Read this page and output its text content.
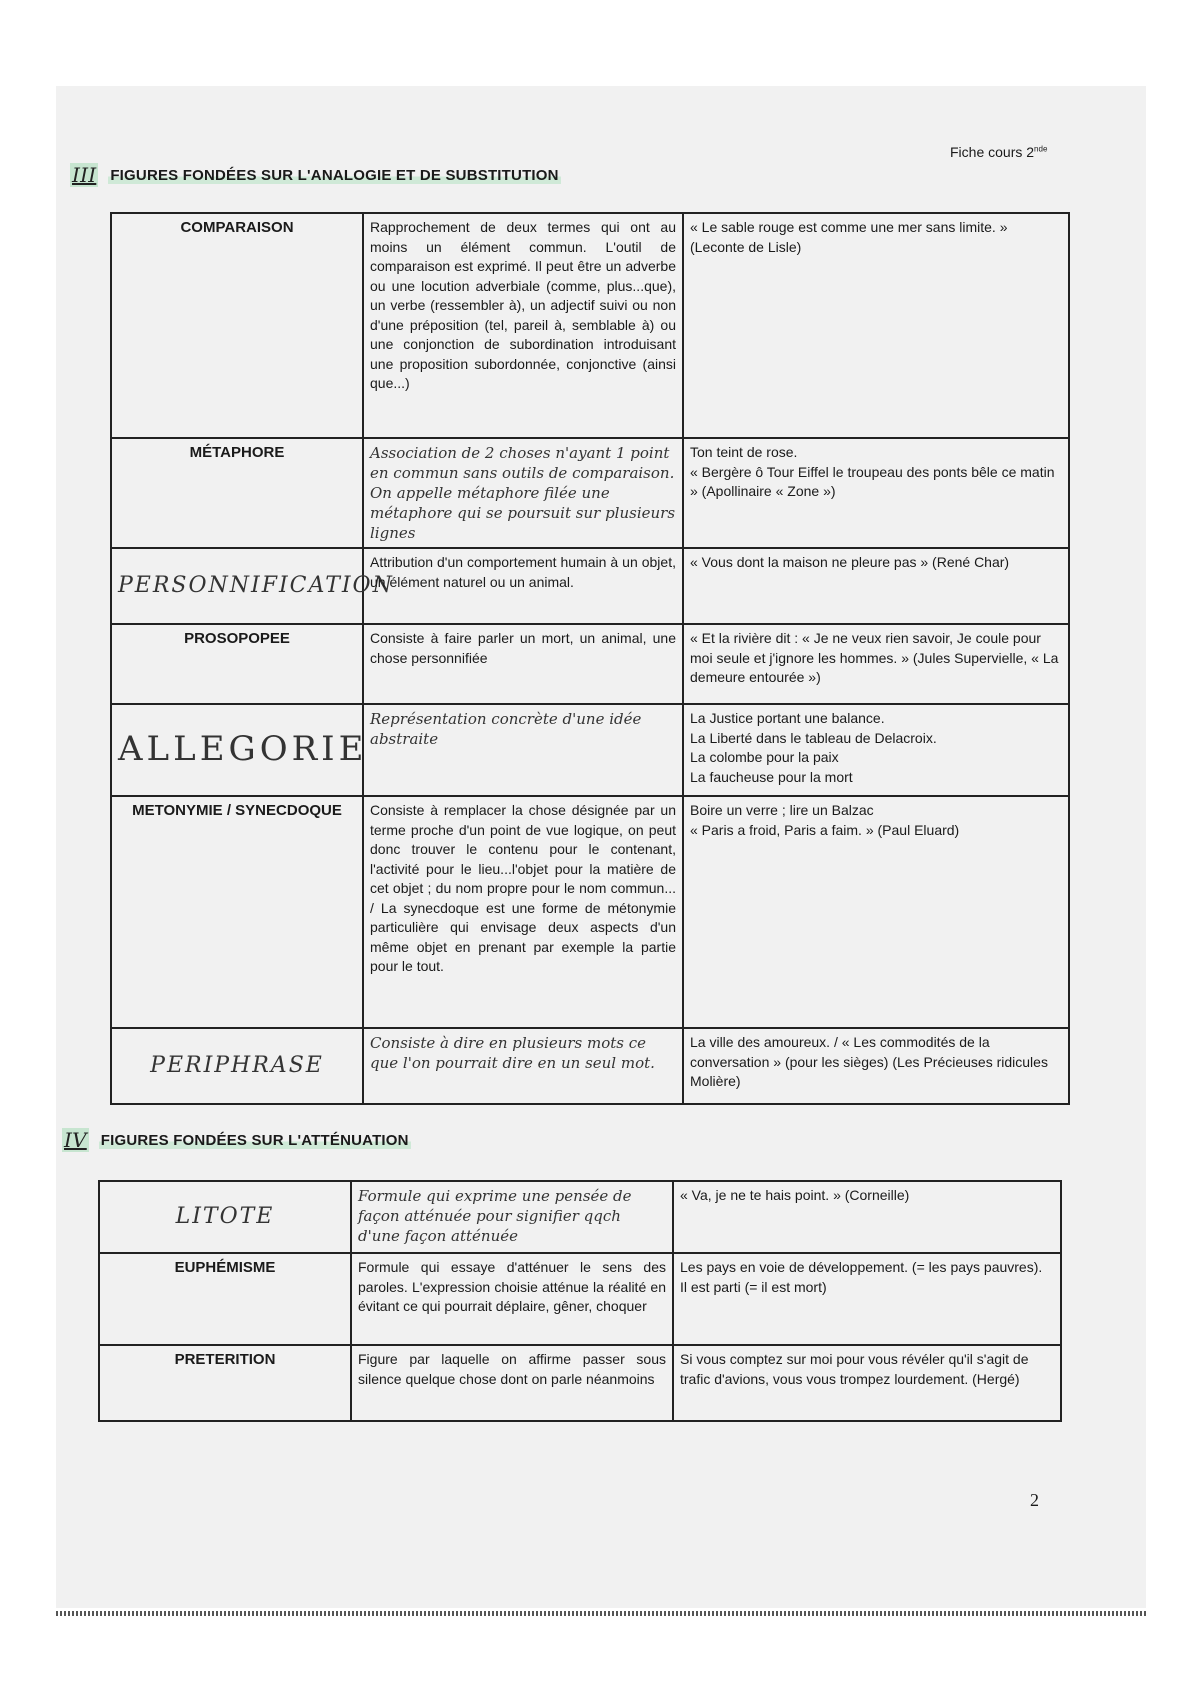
Fiche cours 2nde
III FIGURES FONDÉES SUR L'ANALOGIE ET DE SUBSTITUTION
COMPARAISON	Rapprochement de deux termes qui ont au moins un élément commun. L'outil de comparaison est exprimé. Il peut être un adverbe ou une locution adverbiale (comme, plus...que), un verbe (ressembler à), un adjectif suivi ou non d'une préposition (tel, pareil à, semblable à) ou une conjonction de subordination introduisant une proposition subordonnée, conjonctive (ainsi que...)	« Le sable rouge est comme une mer sans limite. » (Leconte de Lisle)

MÉTAPHORE	Association de 2 choses n'ayant 1 point en commun sans outils de comparaison. On appelle métaphore filée une métaphore qui se poursuit sur plusieurs lignes	Ton teint de rose.
« Bergère ô Tour Eiffel le troupeau des ponts bêle ce matin » (Apollinaire « Zone »)

PERSONNIFICATION	Attribution d'un comportement humain à un objet, un élément naturel ou un animal.	« Vous dont la maison ne pleure pas » (René Char)

PROSOPOPEE	Consiste à faire parler un mort, un animal, une chose personnifiée	« Et la rivière dit : « Je ne veux rien savoir, Je coule pour moi seule et j'ignore les hommes. » (Jules Supervielle, « La demeure entourée »)

ALLEGORIE	Représentation concrète d'une idée abstraite	La Justice portant une balance.
La Liberté dans le tableau de Delacroix.
La colombe pour la paix
La faucheuse pour la mort

METONYMIE / SYNECDOQUE	Consiste à remplacer la chose désignée par un terme proche d'un point de vue logique, on peut donc trouver le contenu pour le contenant, l'activité pour le lieu...l'objet pour la matière de cet objet ; du nom propre pour le nom commun... / La synecdoque est une forme de métonymie particulière qui envisage deux aspects d'un même objet en prenant par exemple la partie pour le tout.	Boire un verre ; lire un Balzac
« Paris a froid, Paris a faim. » (Paul Eluard)

PERIPHRASE	Consiste à dire en plusieurs mots ce que l'on pourrait dire en un seul mot.	La ville des amoureux. / « Les commodités de la conversation » (pour les sièges) (Les Précieuses ridicules Molière)
IV FIGURES FONDÉES SUR L'ATTÉNUATION
LITOTE	Formule qui exprime une pensée de façon atténuée pour signifier qqch d'une façon atténuée	« Va, je ne te hais point. » (Corneille)

EUPHÉMISME	Formule qui essaye d'atténuer le sens des paroles. L'expression choisie atténue la réalité en évitant ce qui pourrait déplaire, gêner, choquer	Les pays en voie de développement. (= les pays pauvres).
Il est parti (= il est mort)

PRETERITION	Figure par laquelle on affirme passer sous silence quelque chose dont on parle néanmoins	Si vous comptez sur moi pour vous révéler qu'il s'agit de trafic d'avions, vous vous trompez lourdement. (Hergé)
2
